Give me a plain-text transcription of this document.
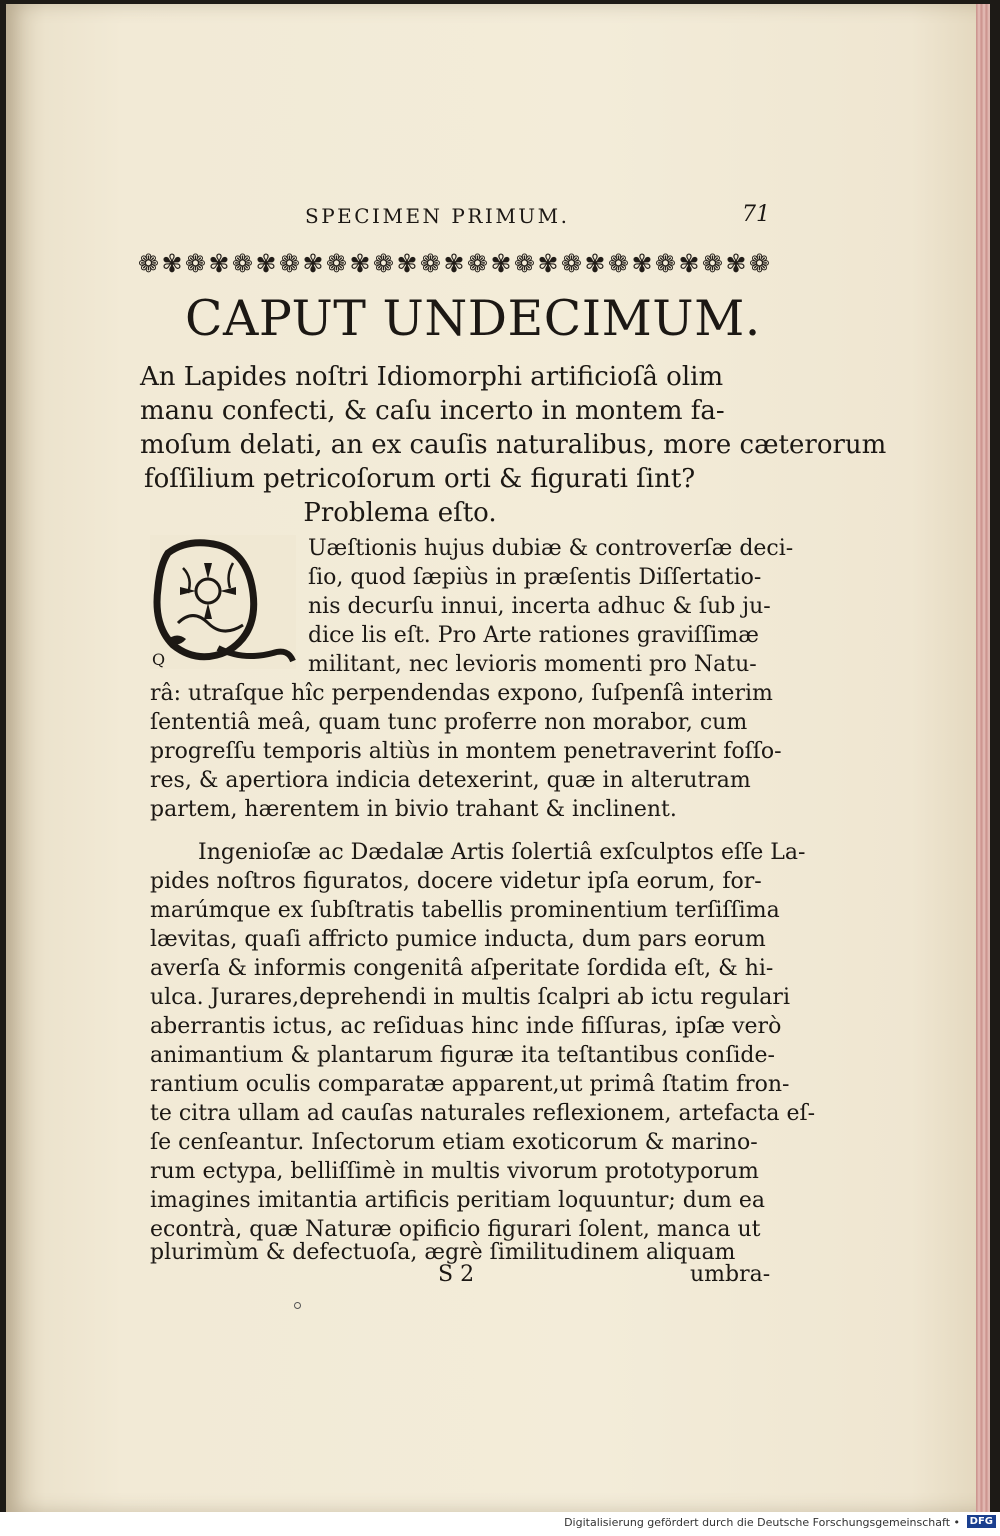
SPECIMEN PRIMUM.	71
❁ ✾ ❁ ✾ ❁ ✾ ❁ ✾ ❁ ✾ ❁ ✾ ❁ ✾ ❁ ✾ ❁ ✾ ❁ ✾ ❁ ✾ ❁ ✾ ❁ ✾ ❁
CAPUT UNDECIMUM.
An Lapides noſtri Idiomorphi artificioſâ olim
manu confecti, & caſu incerto in montem fa-
moſum delati, an ex cauſis naturalibus, more cæterorum
foſſilium petricoſorum orti & figurati ſint?
Problema eſto.
Q
Uæſtionis hujus dubiæ & controverſæ deci-
ſio, quod ſæpiùs in præſentis Diſſertatio-
nis decurſu innui, incerta adhuc & ſub ju-
dice lis eſt. Pro Arte rationes graviſſimæ
militant, nec levioris momenti pro Natu-
râ: utraſque hîc perpendendas expono, ſuſpenſâ interim
ſententiâ meâ, quam tunc proferre non morabor, cum
progreſſu temporis altiùs in montem penetraverint foſſo-
res, & apertiora indicia detexerint, quæ in alterutram
partem, hærentem in bivio trahant & inclinent.
Ingenioſæ ac Dædalæ Artis ſolertiâ exſculptos eſſe La-
pides noſtros figuratos, docere videtur ipſa eorum, for-
marúmque ex ſubſtratis tabellis prominentium terſiſſima
lævitas, quaſi affricto pumice inducta, dum pars eorum
averſa & informis congenitâ aſperitate ſordida eſt, & hi-
ulca. Jurares,deprehendi in multis ſcalpri ab ictu regulari
aberrantis ictus, ac reſiduas hinc inde fiſſuras, ipſæ verò
animantium & plantarum figuræ ita teſtantibus conſide-
rantium oculis comparatæ apparent,ut primâ ſtatim fron-
te citra ullam ad cauſas naturales reflexionem, artefacta eſ-
ſe cenſeantur. Inſectorum etiam exoticorum & marino-
rum ectypa, belliſſimè in multis vivorum prototyporum
imagines imitantia artificis peritiam loquuntur; dum ea
econtrà, quæ Naturæ opificio figurari ſolent, manca ut
plurimùm & defectuoſa, ægrè ſimilitudinem aliquam
S 2	umbra-
Digitalisierung gefördert durch die Deutsche Forschungsgemeinschaft • DFG
